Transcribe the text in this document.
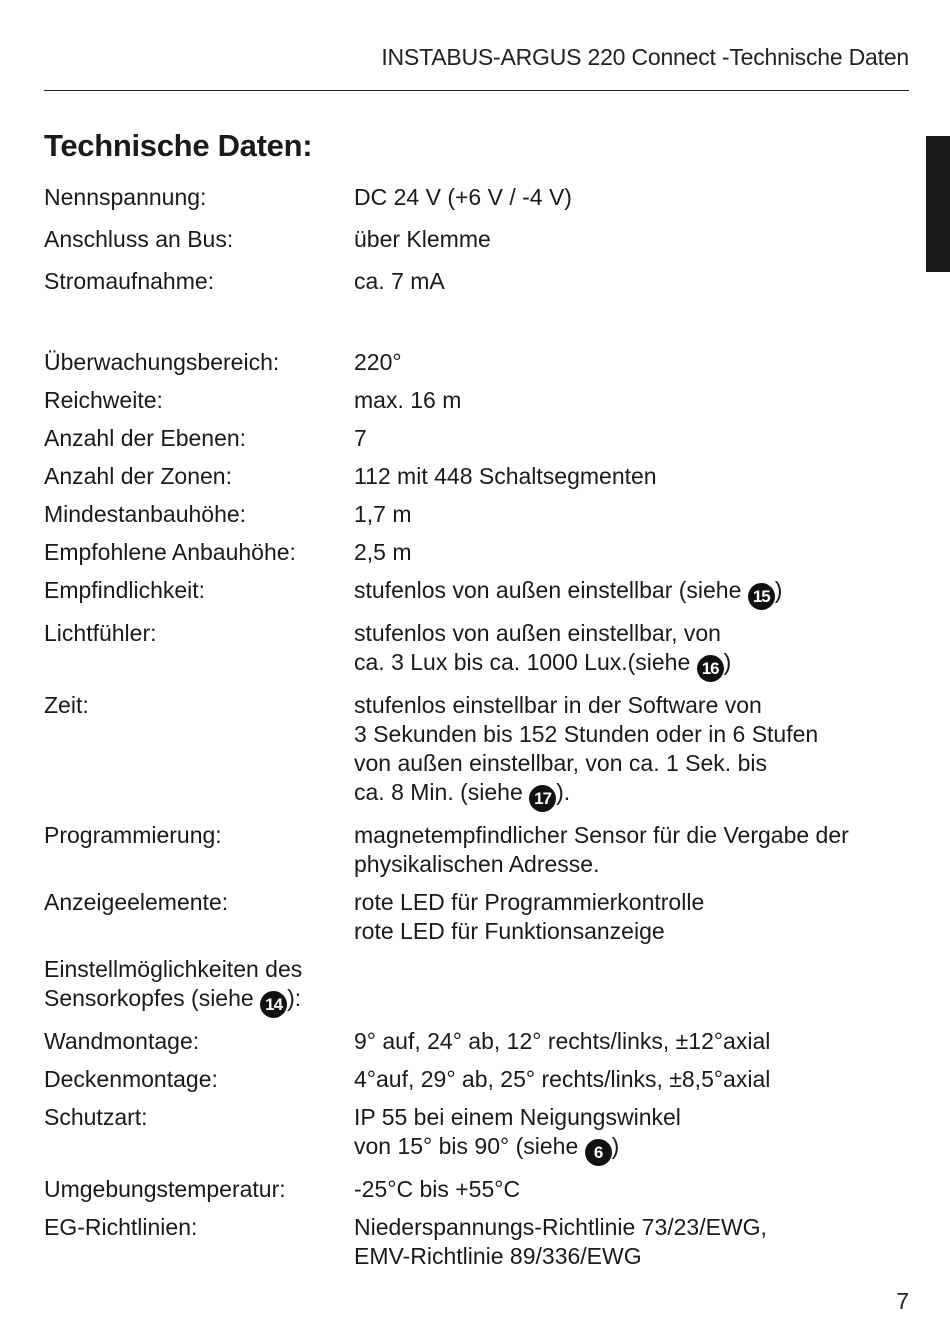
INSTABUS-ARGUS 220 Connect -Technische Daten
Technische Daten:
Nennspannung:	DC 24 V (+6 V / -4 V)
Anschluss an Bus:	über Klemme
Stromaufnahme:	ca. 7 mA
Überwachungsbereich:	220°
Reichweite:	max. 16 m
Anzahl der Ebenen:	7
Anzahl der Zonen:	112 mit 448 Schaltsegmenten
Mindestanbauhöhe:	1,7 m
Empfohlene Anbauhöhe:	2,5 m
Empfindlichkeit:	stufenlos von außen einstellbar (siehe 15 )
Lichtfühler:	stufenlos von außen einstellbar, von
ca. 3 Lux bis ca. 1000 Lux.(siehe 16 )
Zeit:	stufenlos einstellbar in der Software von
3 Sekunden bis 152 Stunden oder in 6 Stufen
von außen einstellbar, von ca. 1 Sek. bis
ca. 8 Min. (siehe 17 ).
Programmierung:	magnetempfindlicher Sensor für die Vergabe der
physikalischen Adresse.
Anzeigeelemente:	rote LED für Programmierkontrolle
rote LED für Funktionsanzeige
Einstellmöglichkeiten des
Sensorkopfes (siehe 14 ):
Wandmontage:	9° auf, 24° ab, 12° rechts/links, ±12°axial
Deckenmontage:	4°auf, 29° ab, 25° rechts/links, ±8,5°axial
Schutzart:	IP 55 bei einem Neigungswinkel
von 15° bis 90° (siehe 6 )
Umgebungstemperatur:	-25°C bis +55°C
EG-Richtlinien:	Niederspannungs-Richtlinie 73/23/EWG,
EMV-Richtlinie 89/336/EWG
7
